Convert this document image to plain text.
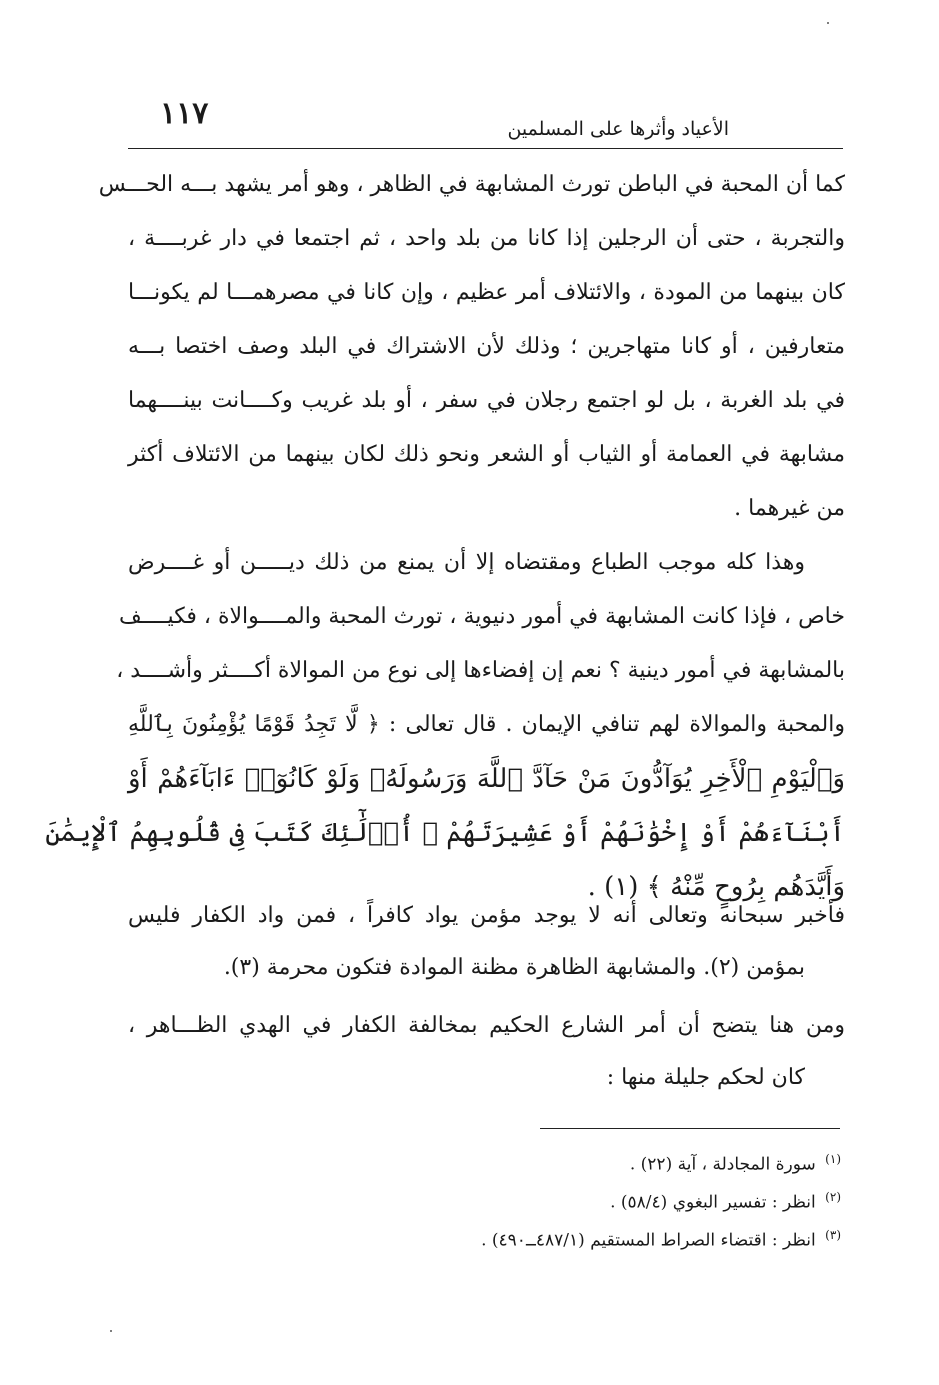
١١٧	الأعياد وأثرها على المسلمين
كما أن المحبة في الباطن تورث المشابهة في الظاهر ، وهو أمر يشهد بـــه الحـــس
والتجربة ، حتى أن الرجلين إذا كانا من بلد واحد ، ثم اجتمعا في دار غربــــة ،
كان بينهما من المودة ، والائتلاف أمر عظيم ، وإن كانا في مصرهمـــا لم يكونـــا
متعارفين ، أو كانا متهاجرين ؛ وذلك لأن الاشتراك في البلد وصف اختصا بـــه
في بلد الغربة ، بل لو اجتمع رجلان في سفر ، أو بلد غريب وكــــانت بينــــهما
مشابهة في العمامة أو الثياب أو الشعر ونحو ذلك لكان بينهما من الائتلاف أكثر
من غيرهما .
وهذا كله موجب الطباع ومقتضاه إلا أن يمنع من ذلك ديـــــن أو غــــرض
خاص ، فإذا كانت المشابهة في أمور دنيوية ، تورث المحبة والمــــوالاة ، فكيــــف
بالمشابهة في أمور دينية ؟ نعم إن إفضاءها إلى نوع من الموالاة أكــــثر وأشــــد ،
والمحبة والموالاة لهم تنافي الإيمان . قال تعالى : ﴿ لَّا تَجِدُ قَوْمًا يُؤْمِنُونَ بِٱللَّهِ
وَٱلْيَوْمِ ٱلْأَخِرِ يُوَآدُّونَ مَنْ حَآدَّ ٱللَّهَ وَرَسُولَهُۥ وَلَوْ كَانُوٓا۟ ءَابَآءَهُمْ أَوْ
أَبْنَآءَهُمْ أَوْ إِخْوَٰنَهُمْ أَوْ عَشِيرَتَهُمْ ۚ أُو۟لَٰٓئِكَ كَتَبَ فِى قُلُوبِهِمُ ٱلْإِيمَٰنَ
وَأَيَّدَهُم بِرُوحٍ مِّنْهُ ﴾ (١) .
فأخبر سبحانه وتعالى أنه لا يوجد مؤمن يواد كافراً ، فمن واد الكفار فليس
بمؤمن (٢). والمشابهة الظاهرة مظنة الموادة فتكون محرمة (٣).
ومن هنا يتضح أن أمر الشارع الحكيم بمخالفة الكفار في الهدي الظـــاهر ،
كان لحكم جليلة منها :
$^{(١)}$ سورة المجادلة ، آية (٢٢) .
$^{(٢)}$ انظر : تفسير البغوي (٥٨/٤) .
$^{(٣)}$ انظر : اقتضاء الصراط المستقيم (٤٨٧/١ــ٤٩٠) .
